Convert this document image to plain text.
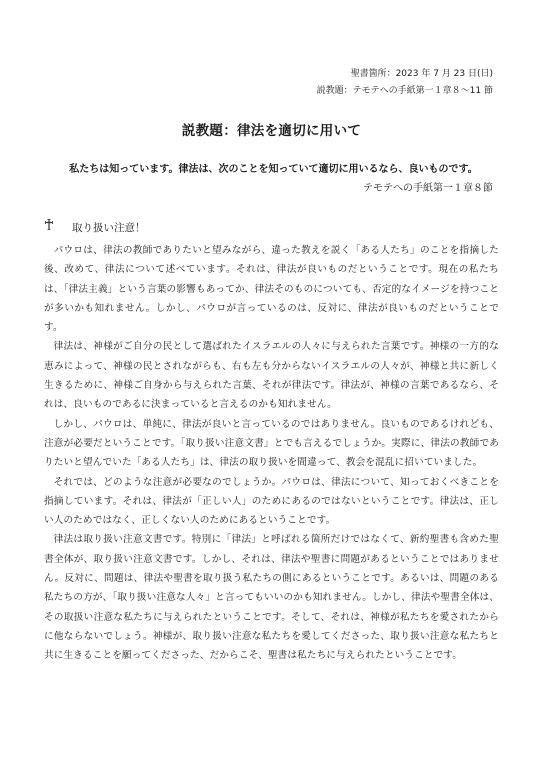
聖書箇所：2023 年 7 月 23 日(日)
説教題：テモテへの手紙第一１章８～11 節
説教題：律法を適切に用いて
私たちは知っています。律法は、次のことを知っていて適切に用いるなら、良いものです。
テモテへの手紙第一１章８節
取り扱い注意！

パウロは、律法の教師でありたいと望みながら、違った教えを説く「ある人たち」のことを指摘した後、改めて、律法について述べています。それは、律法が良いものだということです。現在の私たちは、「律法主義」という言葉の影響もあってか、律法そのものについても、否定的なイメージを持つことが多いかも知れません。しかし、パウロが言っているのは、反対に、律法が良いものだということです。

律法は、神様がご自分の民として選ばれたイスラエルの人々に与えられた言葉です。神様の一方的な恵みによって、神様の民とされながらも、右も左も分からないイスラエルの人々が、神様と共に新しく生きるために、神様ご自身から与えられた言葉、それが律法です。律法が、神様の言葉であるなら、それは、良いものであるに決まっていると言えるのかも知れません。

しかし、パウロは、単純に、律法が良いと言っているのではありません。良いものであるけれども、注意が必要だということです。「取り扱い注意文書」とでも言えるでしょうか。実際に、律法の教師でありたいと望んでいた「ある人たち」は、律法の取り扱いを間違って、教会を混乱に招いていました。

それでは、どのような注意が必要なのでしょうか。パウロは、律法について、知っておくべきことを指摘しています。それは、律法が「正しい人」のためにあるのではないということです。律法は、正しい人のためではなく、正しくない人のためにあるということです。

律法は取り扱い注意文書です。特別に「律法」と呼ばれる箇所だけではなくて、新約聖書も含めた聖書全体が、取り扱い注意文書です。しかし、それは、律法や聖書に問題があるということではありません。反対に、問題は、律法や聖書を取り扱う私たちの側にあるということです。あるいは、問題のある私たちの方が、「取り扱い注意な人々」と言ってもいいのかも知れません。しかし、律法や聖書全体は、その取扱い注意な私たちに与えられたということです。そして、それは、神様が私たちを愛されたからに他ならないでしょう。神様が、取り扱い注意な私たちを愛してくださった、取り扱い注意な私たちと共に生きることを願ってくださった、だからこそ、聖書は私たちに与えられたということです。
